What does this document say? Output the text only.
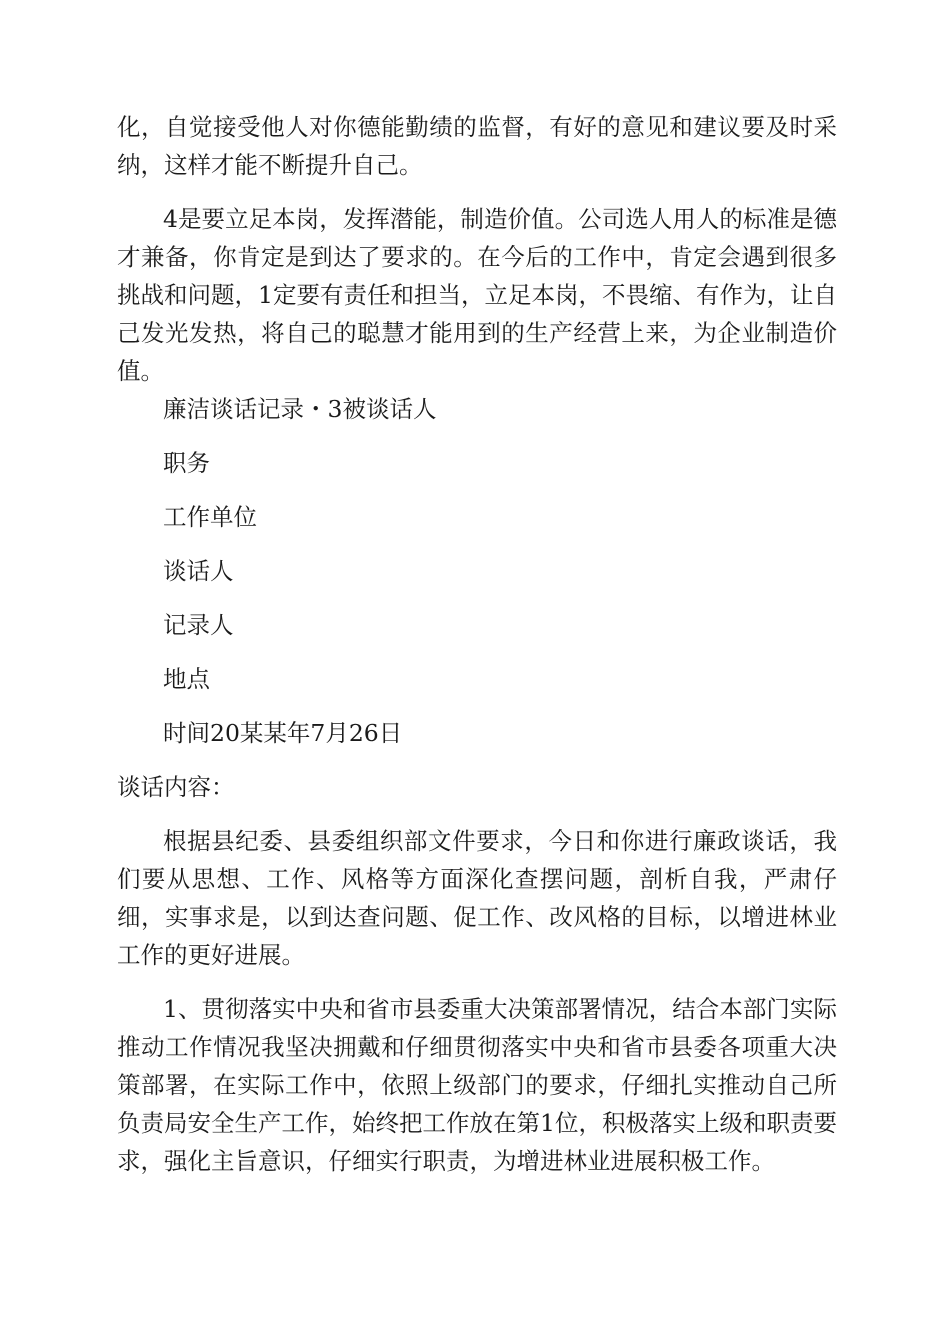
化，自觉接受他人对你德能勤绩的监督，有好的意见和建议要及时采纳，这样才能不断提升自己。

4是要立足本岗，发挥潜能，制造价值。公司选人用人的标准是德才兼备，你肯定是到达了要求的。在今后的工作中，肯定会遇到很多挑战和问题，1定要有责任和担当，立足本岗，不畏缩、有作为，让自己发光发热，将自己的聪慧才能用到的生产经营上来，为企业制造价值。

廉洁谈话记录・3被谈话人

职务

工作单位

谈话人

记录人

地点

时间20某某年7月26日

谈话内容：

根据县纪委、县委组织部文件要求，今日和你进行廉政谈话，我们要从思想、工作、风格等方面深化查摆问题，剖析自我，严肃仔细，实事求是，以到达查问题、促工作、改风格的目标，以增进林业工作的更好进展。

1、贯彻落实中央和省市县委重大决策部署情况，结合本部门实际推动工作情况我坚决拥戴和仔细贯彻落实中央和省市县委各项重大决策部署，在实际工作中，依照上级部门的要求，仔细扎实推动自己所负责局安全生产工作，始终把工作放在第1位，积极落实上级和职责要求，强化主旨意识，仔细实行职责，为增进林业进展积极工作。
